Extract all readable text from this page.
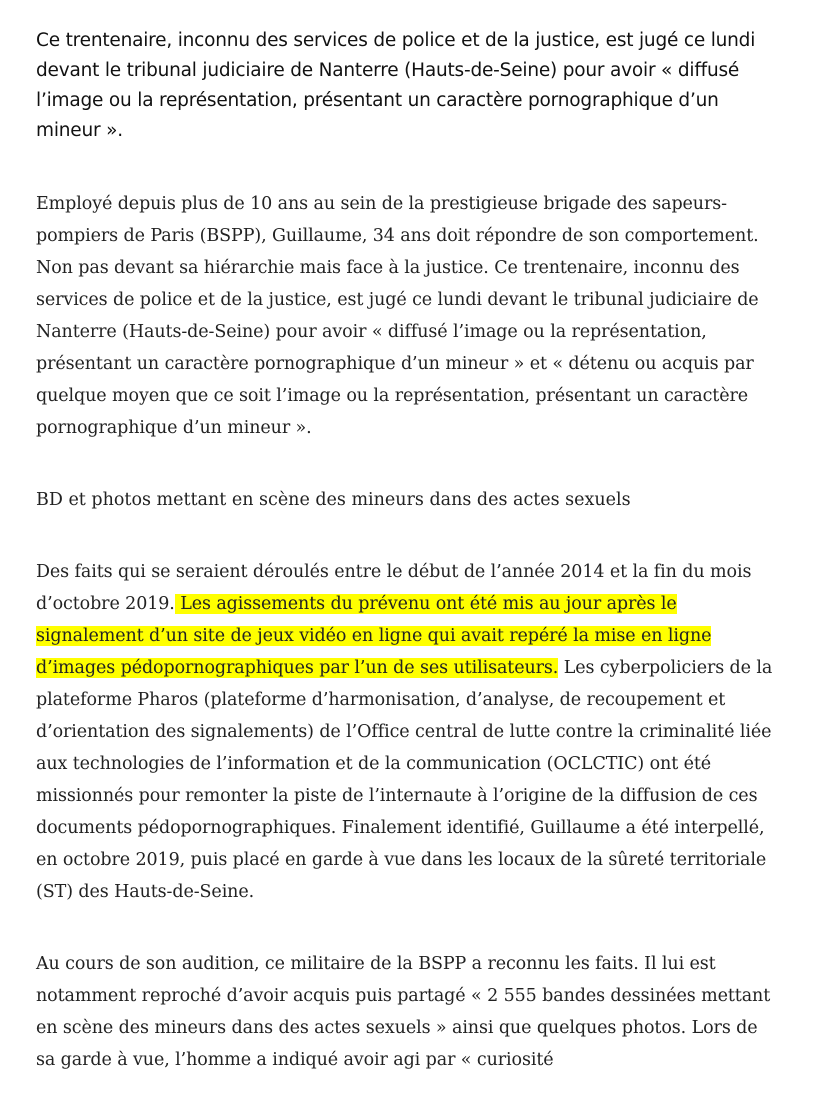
Ce trentenaire, inconnu des services de police et de la justice, est jugé ce lundi devant le tribunal judiciaire de Nanterre (Hauts-de-Seine) pour avoir « diffusé l’image ou la représentation, présentant un caractère pornographique d’un mineur ».

Employé depuis plus de 10 ans au sein de la prestigieuse brigade des sapeurs-pompiers de Paris (BSPP), Guillaume, 34 ans doit répondre de son comportement. Non pas devant sa hiérarchie mais face à la justice. Ce trentenaire, inconnu des services de police et de la justice, est jugé ce lundi devant le tribunal judiciaire de Nanterre (Hauts-de-Seine) pour avoir « diffusé l’image ou la représentation, présentant un caractère pornographique d’un mineur » et « détenu ou acquis par quelque moyen que ce soit l’image ou la représentation, présentant un caractère pornographique d’un mineur ».

BD et photos mettant en scène des mineurs dans des actes sexuels

Des faits qui se seraient déroulés entre le début de l’année 2014 et la fin du mois d’octobre 2019. Les agissements du prévenu ont été mis au jour après le signalement d’un site de jeux vidéo en ligne qui avait repéré la mise en ligne d’images pédopornographiques par l’un de ses utilisateurs. Les cyberpoliciers de la plateforme Pharos (plateforme d’harmonisation, d’analyse, de recoupement et d’orientation des signalements) de l’Office central de lutte contre la criminalité liée aux technologies de l’information et de la communication (OCLCTIC) ont été missionnés pour remonter la piste de l’internaute à l’origine de la diffusion de ces documents pédopornographiques. Finalement identifié, Guillaume a été interpellé, en octobre 2019, puis placé en garde à vue dans les locaux de la sûreté territoriale (ST) des Hauts-de-Seine.

Au cours de son audition, ce militaire de la BSPP a reconnu les faits. Il lui est notamment reproché d’avoir acquis puis partagé « 2 555 bandes dessinées mettant en scène des mineurs dans des actes sexuels » ainsi que quelques photos. Lors de sa garde à vue, l’homme a indiqué avoir agi par « curiosité
